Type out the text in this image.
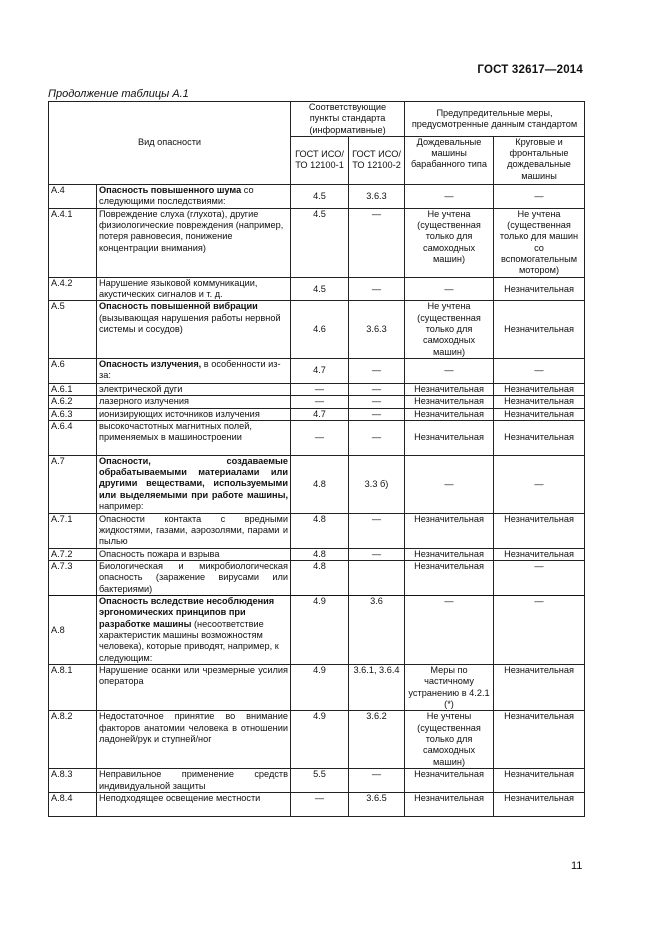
ГОСТ 32617—2014
Продолжение таблицы А.1
Вид опасности		Соответствующие пункты стандарта (информативные)		Предупредительные меры, предусмотренные данным стандартом	
		ГОСТ ИСО/ТО 12100-1	ГОСТ ИСО/ТО 12100-2	Дождевальные машины барабанного типа	Круговые и фронтальные дождевальные машины
А.4	Опасность повышенного шума со следующими последствиями:	4.5	3.6.3	—	—
А.4.1	Повреждение слуха (глухота), другие физиологические повреждения (например, потеря равновесия, понижение концентрации внимания)	4.5	—	Не учтена (существенная только для самоходных машин)	Не учтена (существенная только для машин со вспомогательным мотором)
А.4.2	Нарушение языковой коммуникации, акустических сигналов и т. д.	4.5	—	—	Незначительная
А.5	Опасность повышенной вибрации (вызывающая нарушения работы нервной системы и сосудов)	4.6	3.6.3	Не учтена (существенная только для самоходных машин)	Незначительная
А.6	Опасность излучения, в особенности из-за:	4.7	—	—	—
А.6.1	электрической дуги	—	—	Незначительная	Незначительная
А.6.2	лазерного излучения	—	—	Незначительная	Незначительная
А.6.3	ионизирующих источников излучения	4.7	—	Незначительная	Незначительная
А.6.4	высокочастотных магнитных полей, применяемых в машиностроении	—	—	Незначительная	Незначительная
А.7	Опасности, создаваемые обрабатываемыми материалами или другими веществами, используемыми или выделяемыми при работе машины, например:	4.8	3.3 б)	—	—
А.7.1	Опасности контакта с вредными жидкостями, газами, аэрозолями, парами и пылью	4.8	—	Незначительная	Незначительная
А.7.2	Опасность пожара и взрыва	4.8	—	Незначительная	Незначительная
А.7.3	Биологическая и микробиологическая опасность (заражение вирусами или бактериями)	4.8		Незначительная	—
А.8	Опасность вследствие несоблюдения эргономических принципов при разработке машины (несоответствие характеристик машины возможностям человека), которые приводят, например, к следующим:	4.9	3.6	—	—
А.8.1	Нарушение осанки или чрезмерные усилия оператора	4.9	3.6.1, 3.6.4	Меры по частичному устранению в 4.2.1 (*)	Незначительная
А.8.2	Недостаточное принятие во внимание факторов анатомии человека в отношении ладоней/рук и ступней/ног	4.9	3.6.2	Не учтены (существенная только для самоходных машин)	Незначительная
А.8.3	Неправильное применение средств индивидуальной защиты	5.5	—	Незначительная	Незначительная
А.8.4	Неподходящее освещение местности	—	3.6.5	Незначительная	Незначительная
11
